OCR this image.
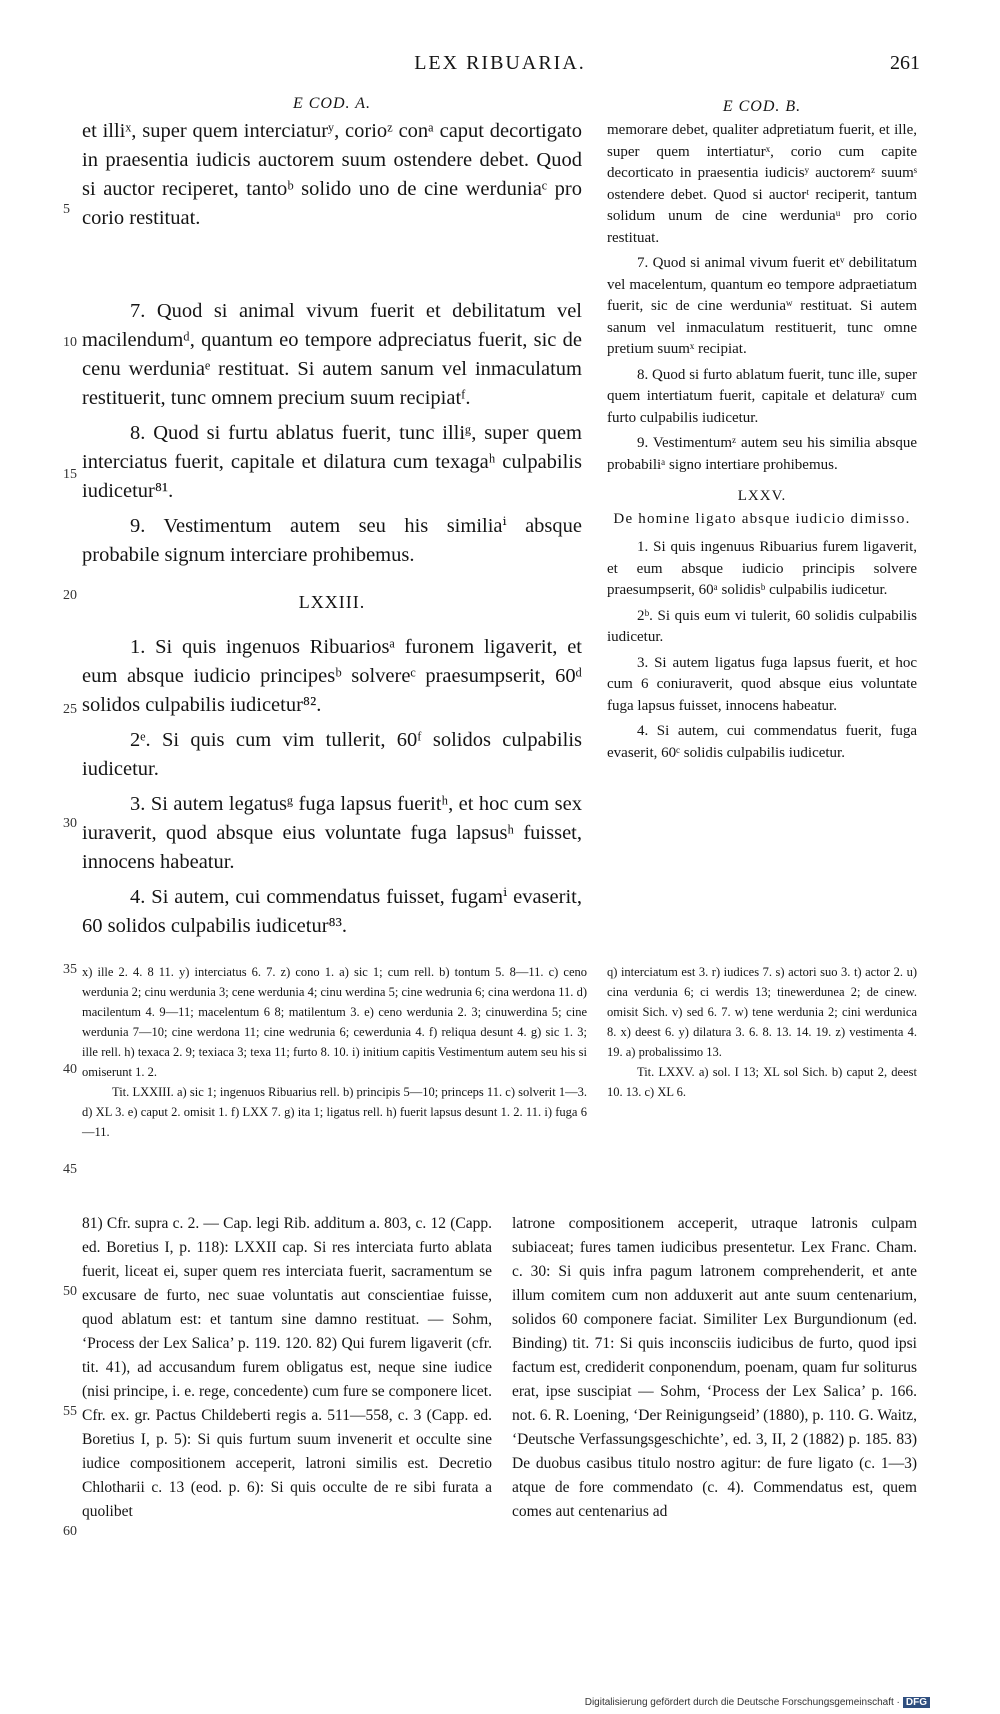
LEX RIBUARIA.	261
5
10
15
20
25
30
35
40
45
50
55
60
E COD. A.

et illiˣ, super quem interciaturʸ, corioᶻ conᵃ caput decortigato in praesentia iudicis auctorem suum ostendere debet. Quod si auctor reciperet, tantoᵇ solido uno de cine werduniaᶜ pro corio restituat.

7. Quod si animal vivum fuerit et debilitatum vel macilendumᵈ, quantum eo tempore adpreciatus fuerit, sic de cenu werduniaᵉ restituat. Si autem sanum vel inmaculatum restituerit, tunc omnem precium suum recipiatᶠ.

8. Quod si furtu ablatus fuerit, tunc illiᵍ, super quem interciatus fuerit, capitale et dilatura cum texagaʰ culpabilis iudicetur⁸¹.

9. Vestimentum autem seu his similiaⁱ absque probabile signum interciare prohibemus.

LXXIII.

1. Si quis ingenuos Ribuariosᵃ furonem ligaverit, et eum absque iudicio principesᵇ solvereᶜ praesumpserit, 60ᵈ solidos culpabilis iudicetur⁸².

2ᵉ. Si quis cum vim tullerit, 60ᶠ solidos culpabilis iudicetur.

3. Si autem legatusᵍ fuga lapsus fueritʰ, et hoc cum sex iuraverit, quod absque eius voluntate fuga lapsusʰ fuisset, innocens habeatur.

4. Si autem, cui commendatus fuisset, fugamⁱ evaserit, 60 solidos culpabilis iudicetur⁸³.

E COD. B.

memorare debet, qualiter adpretiatum fuerit, et ille, super quem intertiaturˣ, corio cum capite decorticato in praesentia iudicisʸ auctoremᶻ suumˢ ostendere debet. Quod si auctorᵗ reciperit, tantum solidum unum de cine werduniaᵘ pro corio restituat.

7. Quod si animal vivum fuerit etᵛ debilitatum vel macelentum, quantum eo tempore adpraetiatum fuerit, sic de cine werduniaʷ restituat. Si autem sanum vel inmaculatum restituerit, tunc omne pretium suumˣ recipiat.

8. Quod si furto ablatum fuerit, tunc ille, super quem intertiatum fuerit, capitale et delaturaʸ cum furto culpabilis iudicetur.

9. Vestimentumᶻ autem seu his similia absque probabiliᵃ signo intertiare prohibemus.

LXXV.
De homine ligato absque iudicio dimisso.

1. Si quis ingenuus Ribuarius furem ligaverit, et eum absque iudicio principis solvere praesumpserit, 60ᵃ solidisᵇ culpabilis iudicetur.

2ᵇ. Si quis eum vi tulerit, 60 solidis culpabilis iudicetur.

3. Si autem ligatus fuga lapsus fuerit, et hoc cum 6 coniuraverit, quod absque eius voluntate fuga lapsus fuisset, innocens habeatur.

4. Si autem, cui commendatus fuerit, fuga evaserit, 60ᶜ solidis culpabilis iudicetur.

x) ille 2. 4. 8 11. y) interciatus 6. 7. z) cono 1. a) sic 1; cum rell. b) tontum 5. 8—11. c) ceno werdunia 2; cinu werdunia 3; cene werdunia 4; cinu werdina 5; cine wedrunia 6; cina werdona 11. d) macilentum 4. 9—11; macelentum 6 8; matilentum 3. e) ceno werdunia 2. 3; cinuwerdina 5; cine werdunia 7—10; cine werdona 11; cine wedrunia 6; cewerdunia 4. f) reliqua desunt 4. g) sic 1. 3; ille rell. h) texaca 2. 9; texiaca 3; texa 11; furto 8. 10. i) initium capitis Vestimentum autem seu his si omiserunt 1. 2.

Tit. LXXIII. a) sic 1; ingenuos Ribuarius rell. b) principis 5—10; princeps 11. c) solverit 1—3. d) XL 3. e) caput 2. omisit 1. f) LXX 7. g) ita 1; ligatus rell. h) fuerit lapsus desunt 1. 2. 11. i) fuga 6—11.

q) interciatum est 3. r) iudices 7. s) actori suo 3. t) actor 2. u) cina verdunia 6; ci werdis 13; tinewerdunea 2; de cinew. omisit Sich. v) sed 6. 7. w) tene werdunia 2; cini werdunica 8. x) deest 6. y) dilatura 3. 6. 8. 13. 14. 19. z) vestimenta 4. 19. a) probalissimo 13.

Tit. LXXV. a) sol. I 13; XL sol Sich. b) caput 2, deest 10. 13. c) XL 6.

81) Cfr. supra c. 2. — Cap. legi Rib. additum a. 803, c. 12 (Capp. ed. Boretius I, p. 118): LXXII cap. Si res interciata furto ablata fuerit, liceat ei, super quem res interciata fuerit, sacramentum se excusare de furto, nec suae voluntatis aut conscientiae fuisse, quod ablatum est: et tantum sine damno restituat. — Sohm, ‘Process der Lex Salica’ p. 119. 120. 82) Qui furem ligaverit (cfr. tit. 41), ad accusandum furem obligatus est, neque sine iudice (nisi principe, i. e. rege, concedente) cum fure se componere licet. Cfr. ex. gr. Pactus Childeberti regis a. 511—558, c. 3 (Capp. ed. Boretius I, p. 5): Si quis furtum suum invenerit et occulte sine iudice compositionem acceperit, latroni similis est. Decretio Chlotharii c. 13 (eod. p. 6): Si quis occulte de re sibi furata a quolibet

latrone compositionem acceperit, utraque latronis culpam subiaceat; fures tamen iudicibus presentetur. Lex Franc. Cham. c. 30: Si quis infra pagum latronem comprehenderit, et ante illum comitem cum non adduxerit aut ante suum centenarium, solidos 60 componere faciat. Similiter Lex Burgundionum (ed. Binding) tit. 71: Si quis inconsciis iudicibus de furto, quod ipsi factum est, crediderit conponendum, poenam, quam fur soliturus erat, ipse suscipiat — Sohm, ‘Process der Lex Salica’ p. 166. not. 6. R. Loening, ‘Der Reinigungseid’ (1880), p. 110. G. Waitz, ‘Deutsche Verfassungsgeschichte’, ed. 3, II, 2 (1882) p. 185. 83) De duobus casibus titulo nostro agitur: de fure ligato (c. 1—3) atque de fore commendato (c. 4). Commendatus est, quem comes aut centenarius ad

Digitalisierung gefördert durch die Deutsche Forschungsgemeinschaft · DFG
